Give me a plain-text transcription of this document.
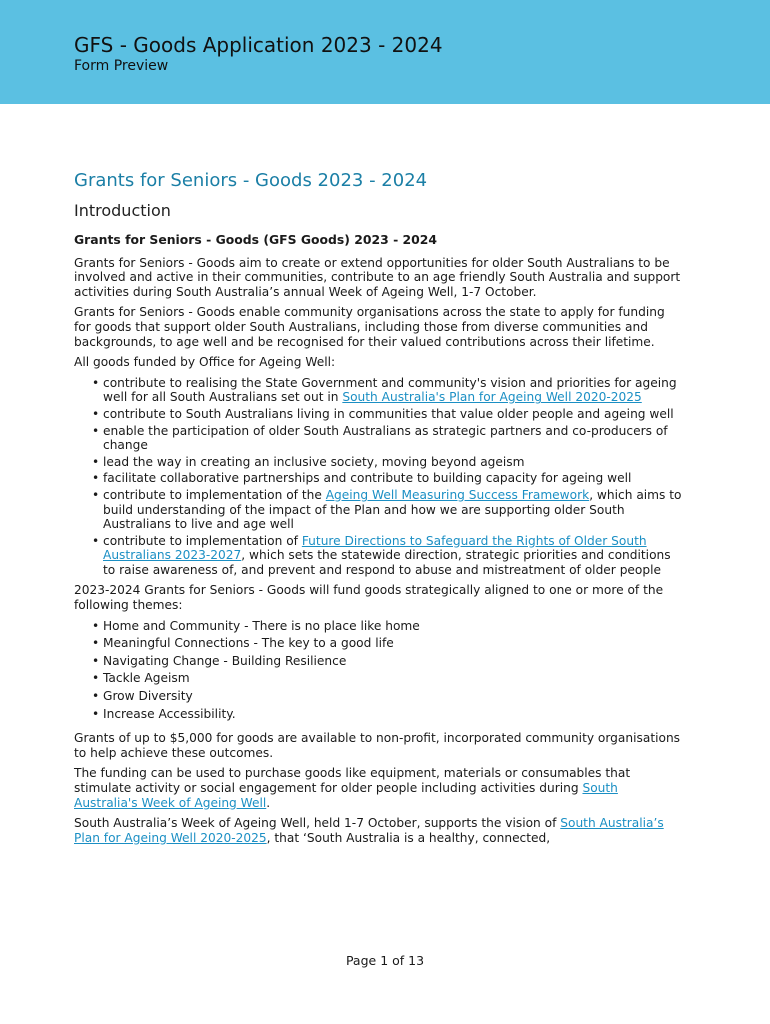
GFS - Goods Application 2023 - 2024
Form Preview
Grants for Seniors - Goods 2023 - 2024
Introduction
Grants for Seniors - Goods (GFS Goods) 2023 - 2024

Grants for Seniors - Goods aim to create or extend opportunities for older South Australians to be involved and active in their communities, contribute to an age friendly South Australia and support activities during South Australia’s annual Week of Ageing Well, 1-7 October.

Grants for Seniors - Goods enable community organisations across the state to apply for funding for goods that support older South Australians, including those from diverse communities and backgrounds, to age well and be recognised for their valued contributions across their lifetime.

All goods funded by Office for Ageing Well:

• contribute to realising the State Government and community's vision and priorities for ageing well for all South Australians set out in South Australia's Plan for Ageing Well 2020-2025
• contribute to South Australians living in communities that value older people and ageing well
• enable the participation of older South Australians as strategic partners and co-producers of change
• lead the way in creating an inclusive society, moving beyond ageism
• facilitate collaborative partnerships and contribute to building capacity for ageing well
• contribute to implementation of the Ageing Well Measuring Success Framework, which aims to build understanding of the impact of the Plan and how we are supporting older South Australians to live and age well
• contribute to implementation of Future Directions to Safeguard the Rights of Older South Australians 2023-2027, which sets the statewide direction, strategic priorities and conditions to raise awareness of, and prevent and respond to abuse and mistreatment of older people

2023-2024 Grants for Seniors - Goods will fund goods strategically aligned to one or more of the following themes:

• Home and Community - There is no place like home
• Meaningful Connections - The key to a good life
• Navigating Change - Building Resilience
• Tackle Ageism
• Grow Diversity
• Increase Accessibility.

Grants of up to $5,000 for goods are available to non-profit, incorporated community organisations to help achieve these outcomes.

The funding can be used to purchase goods like equipment, materials or consumables that stimulate activity or social engagement for older people including activities during South Australia's Week of Ageing Well.

South Australia’s Week of Ageing Well, held 1-7 October, supports the vision of South Australia’s Plan for Ageing Well 2020-2025, that ‘South Australia is a healthy, connected,

Page 1 of 13
